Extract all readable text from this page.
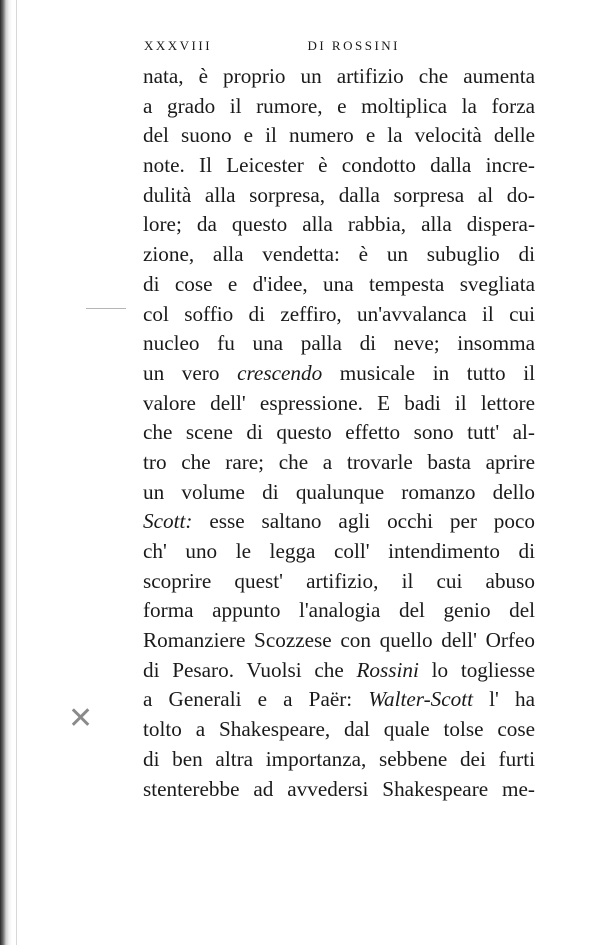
XXXVIII	DI ROSSINI
nata, è proprio un artifizio che aumenta
a grado il rumore, e moltiplica la forza
del suono e il numero e la velocità delle
note. Il Leicester è condotto dalla incre-
dulità alla sorpresa, dalla sorpresa al do-
lore; da questo alla rabbia, alla dispera-
zione, alla vendetta: è un subuglio di
di cose e d'idee, una tempesta svegliata
col soffio di zeffiro, un'avvalanca il cui
nucleo fu una palla di neve; insomma
un vero crescendo musicale in tutto il
valore dell' espressione. E badi il lettore
che scene di questo effetto sono tutt' al-
tro che rare; che a trovarle basta aprire
un volume di qualunque romanzo dello
Scott: esse saltano agli occhi per poco
ch' uno le legga coll' intendimento di
scoprire quest' artifizio, il cui abuso
forma appunto l'analogia del genio del
Romanziere Scozzese con quello dell' Orfeo
di Pesaro. Vuolsi che Rossini lo togliesse
a Generali e a Paër: Walter-Scott l' ha
tolto a Shakespeare, dal quale tolse cose
di ben altra importanza, sebbene dei furti
stenterebbe ad avvedersi Shakespeare me-
✕
